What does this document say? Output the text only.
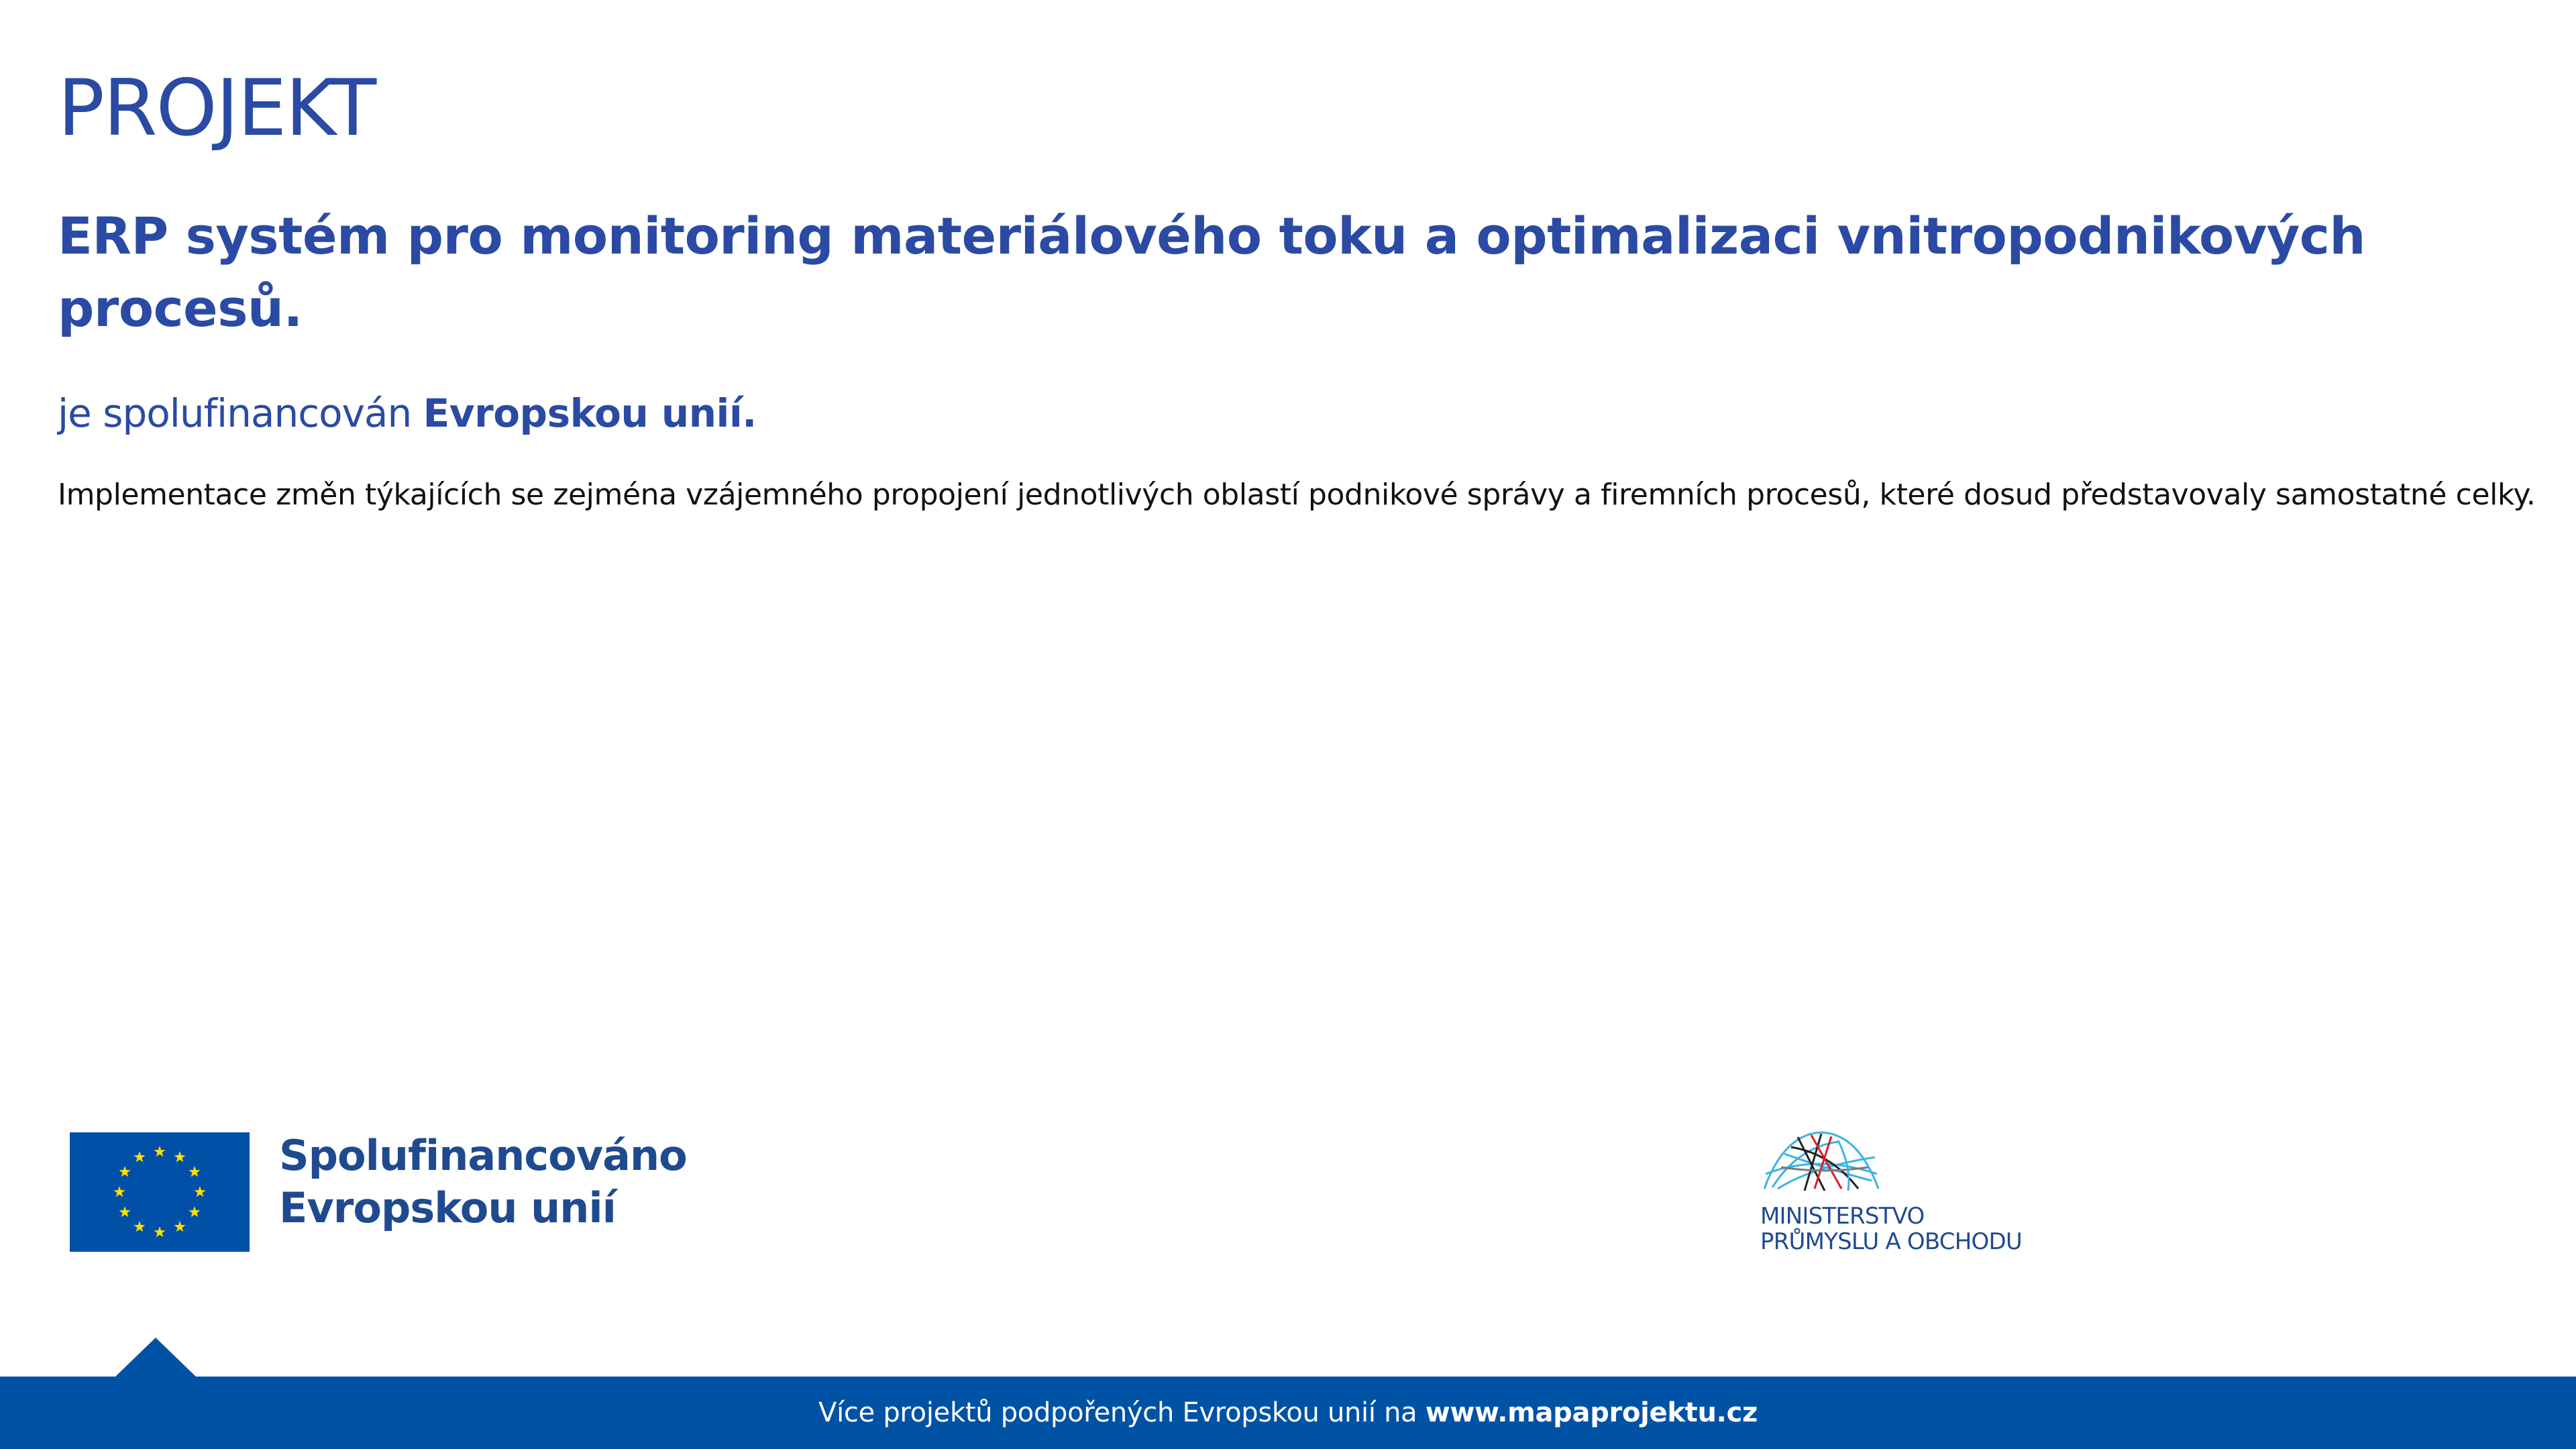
PROJEKT
ERP systém pro monitoring materiálového toku a optimalizaci vnitropodnikových procesů.

je spolufinancován Evropskou unií.

Implementace změn týkajících se zejména vzájemného propojení jednotlivých oblastí podnikové správy a firemních procesů, které dosud představovaly samostatné celky.

Spolufinancováno
Evropskou unií	MINISTERSTVO
PRŮMYSLU A OBCHODU
Více projektů podpořených Evropskou unií na www.mapaprojektu.cz
